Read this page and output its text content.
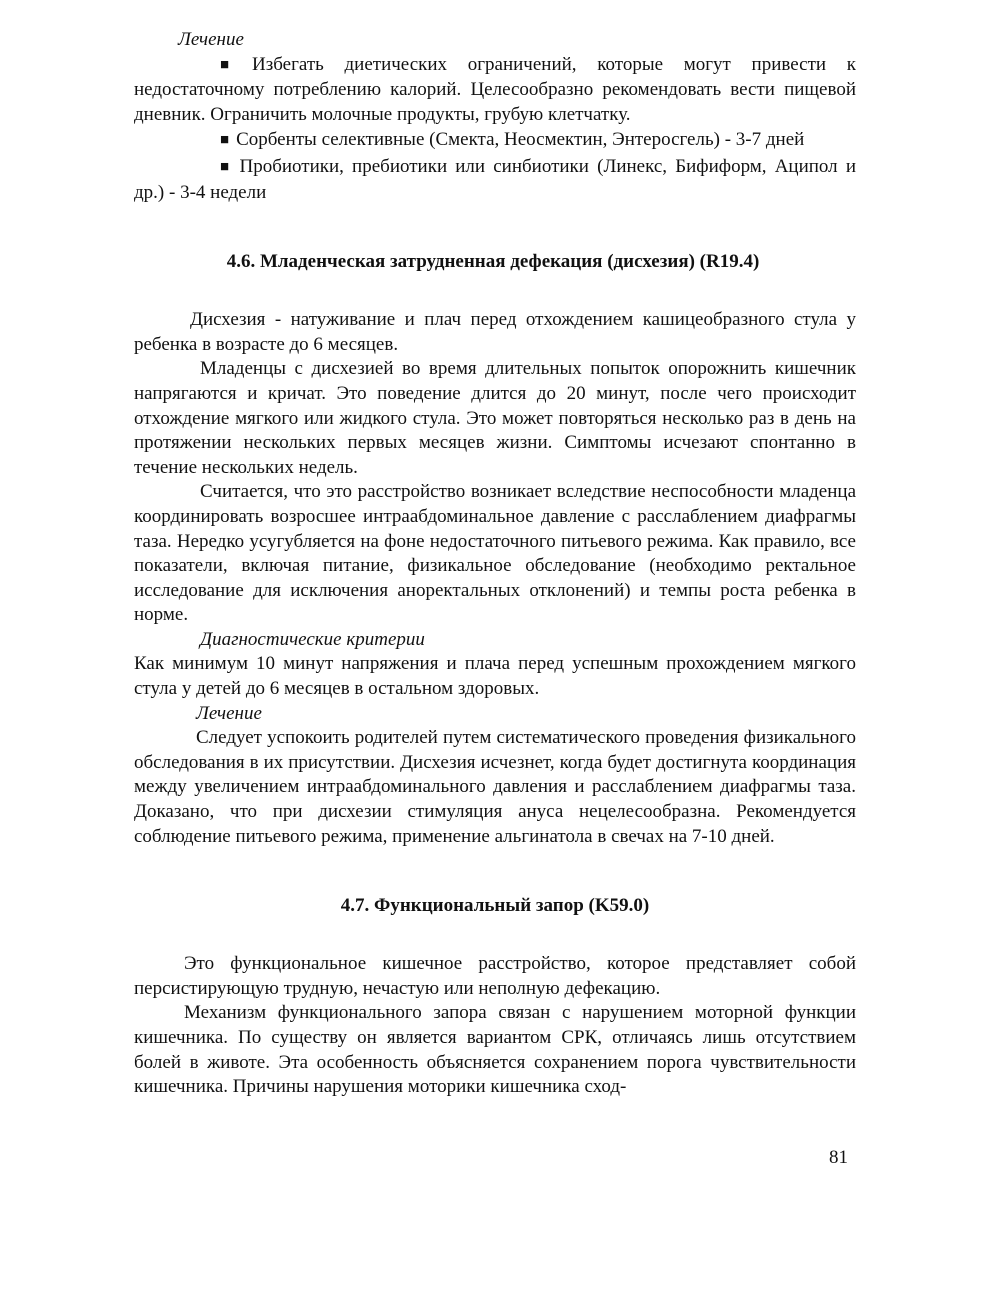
Лечение

■ Избегать диетических ограничений, которые могут привести к недостаточному потреблению калорий. Целесообразно рекомендовать вести пищевой дневник. Ограничить молочные продукты, грубую клетчатку.

■ Сорбенты селективные (Смекта, Неосмектин, Энтеросгель) - 3-7 дней

■ Пробиотики, пребиотики или синбиотики (Линекс, Бифиформ, Аципол и др.) - 3-4 недели

4.6. Младенческая затрудненная дефекация (дисхезия) (R19.4)

Дисхезия - натуживание и плач перед отхождением кашицеобразного стула у ребенка в возрасте до 6 месяцев.

Младенцы с дисхезией во время длительных попыток опорожнить кишечник напрягаются и кричат. Это поведение длится до 20 минут, после чего происходит отхождение мягкого или жидкого стула. Это может повторяться несколько раз в день на протяжении нескольких первых месяцев жизни. Симптомы исчезают спонтанно в течение нескольких недель.

Считается, что это расстройство возникает вследствие неспособности младенца координировать возросшее интраабдоминальное давление с расслаблением диафрагмы таза. Нередко усугубляется на фоне недостаточного питьевого режима. Как правило, все показатели, включая питание, физикальное обследование (необходимо ректальное исследование для исключения аноректальных отклонений) и темпы роста ребенка в норме.

Диагностические критерии

Как минимум 10 минут напряжения и плача перед успешным прохождением мягкого стула у детей до 6 месяцев в остальном здоровых.

Лечение

Следует успокоить родителей путем систематического проведения физикального обследования в их присутствии. Дисхезия исчезнет, когда будет достигнута координация между увеличением интраабдоминального давления и расслаблением диафрагмы таза. Доказано, что при дисхезии стимуляция ануса нецелесообразна. Рекомендуется соблюдение питьевого режима, применение альгинатола в свечах на 7-10 дней.

4.7. Функциональный запор (K59.0)

Это функциональное кишечное расстройство, которое представляет собой персистирующую трудную, нечастую или неполную дефекацию.

Механизм функционального запора связан с нарушением моторной функции кишечника. По существу он является вариантом СРК, отличаясь лишь отсутствием болей в животе. Эта особенность объясняется сохранением порога чувствительности кишечника. Причины нарушения моторики кишечника сход-

81
